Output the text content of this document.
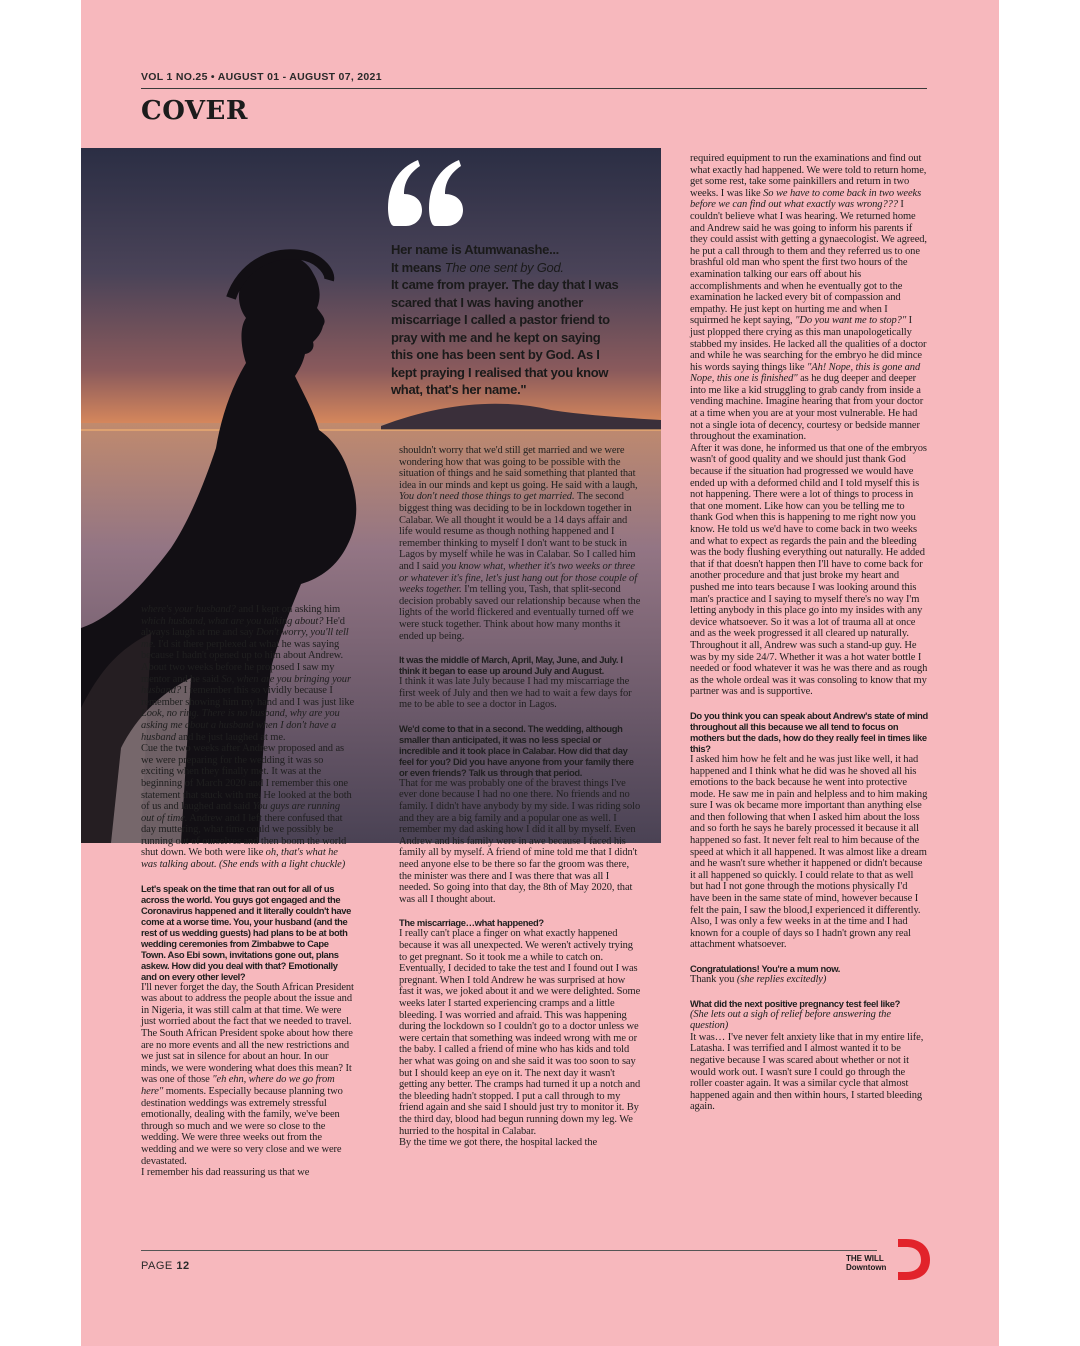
VOL 1 NO.25 • AUGUST 01 - AUGUST 07, 2021
COVER
Her name is Atumwanashe...
It means The one sent by God.
It came from prayer. The day that I was scared that I was having another miscarriage I called a pastor friend to pray with me and he kept on saying this one has been sent by God. As I kept praying I realised that you know what, that's her name."

where's your husband? and I kept on asking him which husband, what are you talking about? He'd always laugh at me and say Don't worry, you'll tell me. I'd sit there perplexed at what he was saying because I hadn't opened up to him about Andrew. About two weeks before he proposed I saw my mentor and he said So, when are you bringing your husband? I remember this so vividly because I remember showing him my hand and I was just like Look, no ring. There is no husband, why are you asking me about a husband when I don't have a husband and he just laughed at me.
Cue the two weeks after Andrew proposed and as we were preparing for the wedding it was so exciting when they finally met. It was at the beginning of March 2020 and I remember this one statement that stuck with me. He looked at the both of us and laughed and said You guys are running out of time. Andrew and I left there confused that day muttering, what time could we possibly be running out of ourselves and then boom the world shut down. We both were like oh, that's what he was talking about. (She ends with a light chuckle)

Let's speak on the time that ran out for all of us across the world. You guys got engaged and the Coronavirus happened and it literally couldn't have come at a worse time. You, your husband (and the rest of us wedding guests) had plans to be at both wedding ceremonies from Zimbabwe to Cape Town. Aso Ebi sown, invitations gone out, plans askew. How did you deal with that? Emotionally and on every other level?
I'll never forget the day, the South African President was about to address the people about the issue and in Nigeria, it was still calm at that time. We were just worried about the fact that we needed to travel. The South African President spoke about how there are no more events and all the new restrictions and we just sat in silence for about an hour. In our minds, we were wondering what does this mean? It was one of those "eh ehn, where do we go from here" moments. Especially because planning two destination weddings was extremely stressful emotionally, dealing with the family, we've been through so much and we were so close to the wedding. We were three weeks out from the wedding and we were so very close and we were devastated.
I remember his dad reassuring us that we

shouldn't worry that we'd still get married and we were wondering how that was going to be possible with the situation of things and he said something that planted that idea in our minds and kept us going. He said with a laugh, You don't need those things to get married. The second biggest thing was deciding to be in lockdown together in Calabar. We all thought it would be a 14 days affair and life would resume as though nothing happened and I remember thinking to myself I don't want to be stuck in Lagos by myself while he was in Calabar. So I called him and I said you know what, whether it's two weeks or three or whatever it's fine, let's just hang out for those couple of weeks together. I'm telling you, Tash, that split-second decision probably saved our relationship because when the lights of the world flickered and eventually turned off we were stuck together. Think about how many months it ended up being.

It was the middle of March, April, May, June, and July. I think it began to ease up around July and August.
I think it was late July because I had my miscarriage the first week of July and then we had to wait a few days for me to be able to see a doctor in Lagos.

We'd come to that in a second. The wedding, although smaller than anticipated, it was no less special or incredible and it took place in Calabar. How did that day feel for you? Did you have anyone from your family there or even friends? Talk us through that period.
That for me was probably one of the bravest things I've ever done because I had no one there. No friends and no family. I didn't have anybody by my side. I was riding solo and they are a big family and a popular one as well. I remember my dad asking how I did it all by myself. Even Andrew and his family were in awe because I faced his family all by myself. A friend of mine told me that I didn't need anyone else to be there so far the groom was there, the minister was there and I was there that was all I needed. So going into that day, the 8th of May 2020, that was all I thought about.

The miscarriage…what happened?
I really can't place a finger on what exactly happened because it was all unexpected. We weren't actively trying to get pregnant. So it took me a while to catch on. Eventually, I decided to take the test and I found out I was pregnant. When I told Andrew he was surprised at how fast it was, we joked about it and we were delighted. Some weeks later I started experiencing cramps and a little bleeding. I was worried and afraid. This was happening during the lockdown so I couldn't go to a doctor unless we were certain that something was indeed wrong with me or the baby. I called a friend of mine who has kids and told her what was going on and she said it was too soon to say but I should keep an eye on it. The next day it wasn't getting any better. The cramps had turned it up a notch and the bleeding hadn't stopped. I put a call through to my friend again and she said I should just try to monitor it. By the third day, blood had begun running down my leg. We hurried to the hospital in Calabar.
By the time we got there, the hospital lacked the

required equipment to run the examinations and find out what exactly had happened. We were told to return home, get some rest, take some painkillers and return in two weeks. I was like So we have to come back in two weeks before we can find out what exactly was wrong??? I couldn't believe what I was hearing. We returned home and Andrew said he was going to inform his parents if they could assist with getting a gynaecologist. We agreed, he put a call through to them and they referred us to one brashful old man who spent the first two hours of the examination talking our ears off about his accomplishments and when he eventually got to the examination he lacked every bit of compassion and empathy. He just kept on hurting me and when I squirmed he kept saying, "Do you want me to stop?" I just plopped there crying as this man unapologetically stabbed my insides. He lacked all the qualities of a doctor and while he was searching for the embryo he did mince his words saying things like "Ah! Nope, this is gone and Nope, this one is finished" as he dug deeper and deeper into me like a kid struggling to grab candy from inside a vending machine. Imagine hearing that from your doctor at a time when you are at your most vulnerable. He had not a single iota of decency, courtesy or bedside manner throughout the examination.
After it was done, he informed us that one of the embryos wasn't of good quality and we should just thank God because if the situation had progressed we would have ended up with a deformed child and I told myself this is not happening. There were a lot of things to process in that one moment. Like how can you be telling me to thank God when this is happening to me right now you know. He told us we'd have to come back in two weeks and what to expect as regards the pain and the bleeding was the body flushing everything out naturally. He added that if that doesn't happen then I'll have to come back for another procedure and that just broke my heart and pushed me into tears because I was looking around this man's practice and I saying to myself there's no way I'm letting anybody in this place go into my insides with any device whatsoever. So it was a lot of trauma all at once and as the week progressed it all cleared up naturally. Throughout it all, Andrew was such a stand-up guy. He was by my side 24/7. Whether it was a hot water bottle I needed or food whatever it was he was there and as rough as the whole ordeal was it was consoling to know that my partner was and is supportive.

Do you think you can speak about Andrew's state of mind throughout all this because we all tend to focus on mothers but the dads, how do they really feel in times like this?
I asked him how he felt and he was just like well, it had happened and I think what he did was he shoved all his emotions to the back because he went into protective mode. He saw me in pain and helpless and to him making sure I was ok became more important than anything else and then following that when I asked him about the loss and so forth he says he barely processed it because it all happened so fast. It never felt real to him because of the speed at which it all happened. It was almost like a dream and he wasn't sure whether it happened or didn't because it all happened so quickly. I could relate to that as well but had I not gone through the motions physically I'd have been in the same state of mind, however because I felt the pain, I saw the blood,I experienced it differently. Also, I was only a few weeks in at the time and I had known for a couple of days so I hadn't grown any real attachment whatsoever.

Congratulations! You're a mum now.
Thank you (she replies excitedly)

What did the next positive pregnancy test feel like?
(She lets out a sigh of relief before answering the question)
It was… I've never felt anxiety like that in my entire life, Latasha. I was terrified and I almost wanted it to be negative because I was scared about whether or not it would work out. I wasn't sure I could go through the roller coaster again. It was a similar cycle that almost happened again and then within hours, I started bleeding again.

PAGE 12
THE WILL
Downtown
